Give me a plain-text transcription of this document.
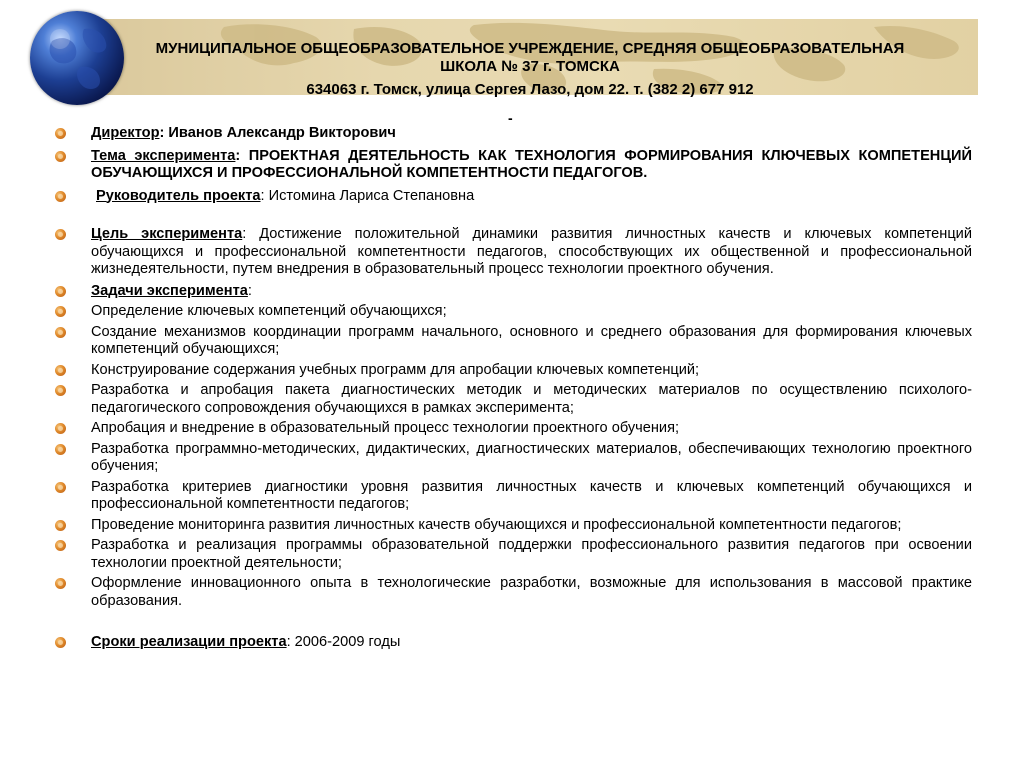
МУНИЦИПАЛЬНОЕ ОБЩЕОБРАЗОВАТЕЛЬНОЕ УЧРЕЖДЕНИЕ, СРЕДНЯЯ ОБЩЕОБРАЗОВАТЕЛЬНАЯ
ШКОЛА № 37 г. ТОМСКА
634063 г. Томск, улица Сергея Лазо, дом 22. т. (382 2) 677 912
-
Директор: Иванов Александр Викторович
Тема эксперимента: ПРОЕКТНАЯ ДЕЯТЕЛЬНОСТЬ КАК ТЕХНОЛОГИЯ ФОРМИРОВАНИЯ КЛЮЧЕВЫХ КОМПЕТЕНЦИЙ ОБУЧАЮЩИХСЯ И ПРОФЕССИОНАЛЬНОЙ КОМПЕТЕНТНОСТИ ПЕДАГОГОВ.
Руководитель проекта: Истомина Лариса Степановна
Цель эксперимента: Достижение положительной динамики развития личностных качеств и ключевых компетенций обучающихся и профессиональной компетентности педагогов, способствующих их общественной и профессиональной жизнедеятельности, путем внедрения в образовательный процесс технологии проектного обучения.
Задачи эксперимента:
Определение ключевых компетенций обучающихся;
Создание механизмов координации программ начального, основного и среднего образования для формирования ключевых компетенций обучающихся;
Конструирование содержания учебных программ для апробации ключевых компетенций;
Разработка и апробация пакета диагностических методик и методических материалов по осуществлению психолого-педагогического сопровождения обучающихся в рамках эксперимента;
Апробация и внедрение в образовательный процесс технологии проектного обучения;
Разработка программно-методических, дидактических, диагностических материалов, обеспечивающих технологию проектного обучения;
Разработка критериев диагностики уровня развития личностных качеств и ключевых компетенций обучающихся и профессиональной компетентности педагогов;
Проведение мониторинга развития личностных качеств обучающихся и профессиональной компетентности педагогов;
Разработка и реализация программы образовательной поддержки профессионального развития педагогов при освоении технологии проектной деятельности;
Оформление инновационного опыта в технологические разработки, возможные для использования в массовой практике образования.
Сроки реализации проекта: 2006-2009 годы
